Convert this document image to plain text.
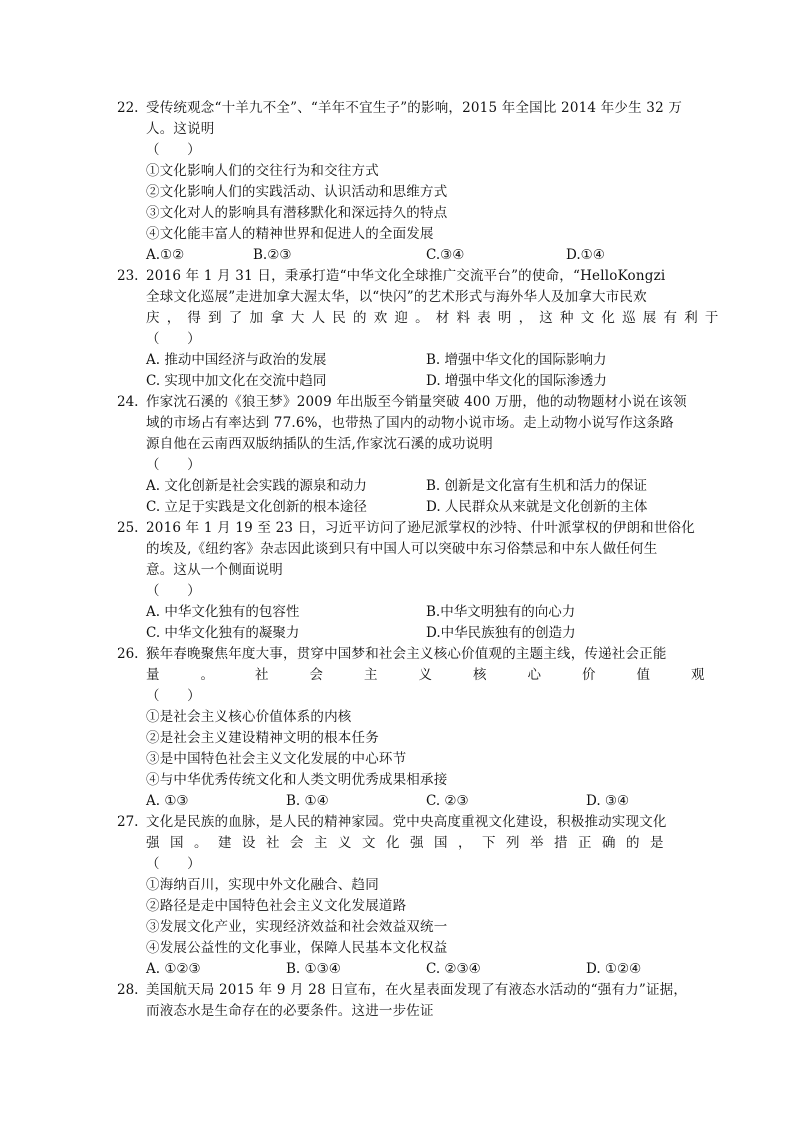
22. 受传统观念“十羊九不全”、“羊年不宜生子”的影响，2015 年全国比 2014 年少生 32 万
人。这说明
（　　）
①文化影响人们的交往行为和交往方式
②文化影响人们的实践活动、认识活动和思维方式
③文化对人的影响具有潜移默化和深远持久的特点
④文化能丰富人的精神世界和促进人的全面发展
A.①②	B.②③	C.③④	D.①④
23. 2016 年 1 月 31 日，秉承打造“中华文化全球推广交流平台”的使命，“HelloKongzi
全球文化巡展”走进加拿大渥太华，以“快闪”的艺术形式与海外华人及加拿大市民欢
庆，得到了加拿大人民的欢迎。材料表明，这种文化巡展有利于
（　　）
A. 推动中国经济与政治的发展	B. 增强中华文化的国际影响力
C. 实现中加文化在交流中趋同	D. 增强中华文化的国际渗透力
24. 作家沈石溪的《狼王梦》2009 年出版至今销量突破 400 万册，他的动物题材小说在该领
域的市场占有率达到 77.6%，也带热了国内的动物小说市场。走上动物小说写作这条路
源自他在云南西双版纳插队的生活,作家沈石溪的成功说明
（　　）
A. 文化创新是社会实践的源泉和动力	B. 创新是文化富有生机和活力的保证
C. 立足于实践是文化创新的根本途径	D. 人民群众从来就是文化创新的主体
25. 2016 年 1 月 19 至 23 日，习近平访问了逊尼派掌权的沙特、什叶派掌权的伊朗和世俗化
的埃及,《纽约客》杂志因此谈到只有中国人可以突破中东习俗禁忌和中东人做任何生
意。这从一个侧面说明
（　　）
A. 中华文化独有的包容性	B.中华文明独有的向心力
C. 中华文化独有的凝聚力	D.中华民族独有的创造力
26. 猴年春晚聚焦年度大事，贯穿中国梦和社会主义核心价值观的主题主线，传递社会正能
量。社会主义核心价值观
（　　）
①是社会主义核心价值体系的内核
②是社会主义建设精神文明的根本任务
③是中国特色社会主义文化发展的中心环节
④与中华优秀传统文化和人类文明优秀成果相承接
A. ①③	B. ①④	C. ②③	D. ③④
27. 文化是民族的血脉，是人民的精神家园。党中央高度重视文化建设，积极推动实现文化
强国。建设社会主义文化强国，下列举措正确的是
（　　）
①海纳百川，实现中外文化融合、趋同
②路径是走中国特色社会主义文化发展道路
③发展文化产业，实现经济效益和社会效益双统一
④发展公益性的文化事业，保障人民基本文化权益
A. ①②③	B. ①③④	C. ②③④	D. ①②④
28. 美国航天局 2015 年 9 月 28 日宣布，在火星表面发现了有液态水活动的“强有力”证据，
而液态水是生命存在的必要条件。这进一步佐证
